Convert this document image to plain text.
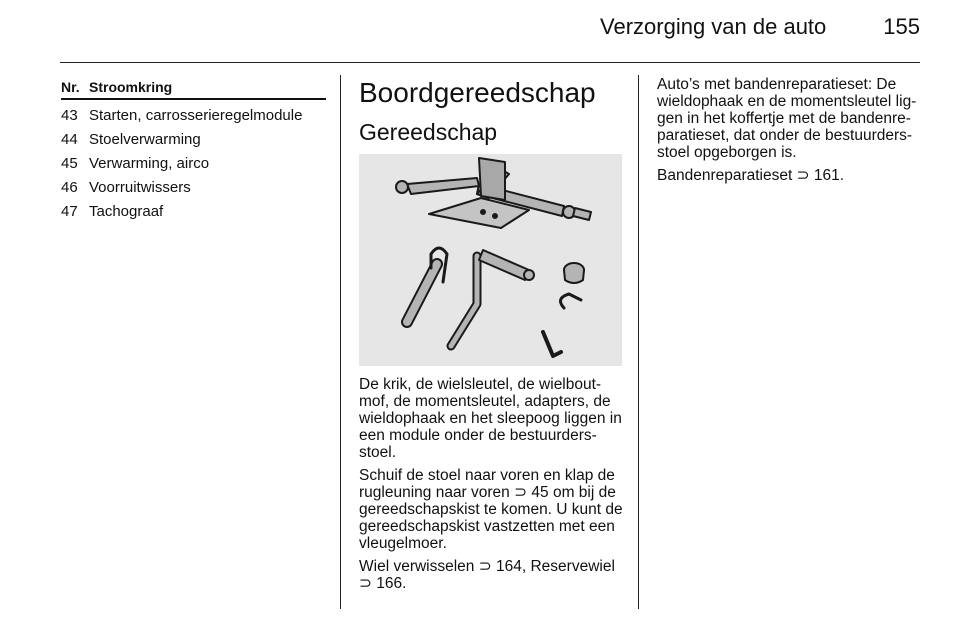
Verzorging van de auto	155
Nr. Stroomkring
43 Starten, carrosserieregelmodule
44 Stoelverwarming
45 Verwarming, airco
46 Voorruitwissers
47 Tachograaf
Boordgereedschap
Gereedschap

De krik, de wielsleutel, de wielbout-mof, de momentsleutel, adapters, de wieldophaak en het sleepoog liggen in een module onder de bestuurders-stoel.

Schuif de stoel naar voren en klap de rugleuning naar voren ⊃ 45 om bij de gereedschapskist te komen. U kunt de gereedschapskist vastzetten met een vleugelmoer.

Wiel verwisselen ⊃ 164, Reservewiel ⊃ 166.

Auto’s met bandenreparatieset: De wieldophaak en de momentsleutel lig-gen in het koffertje met de bandenre-paratieset, dat onder de bestuurders-stoel opgeborgen is.

Bandenreparatieset ⊃ 161.
